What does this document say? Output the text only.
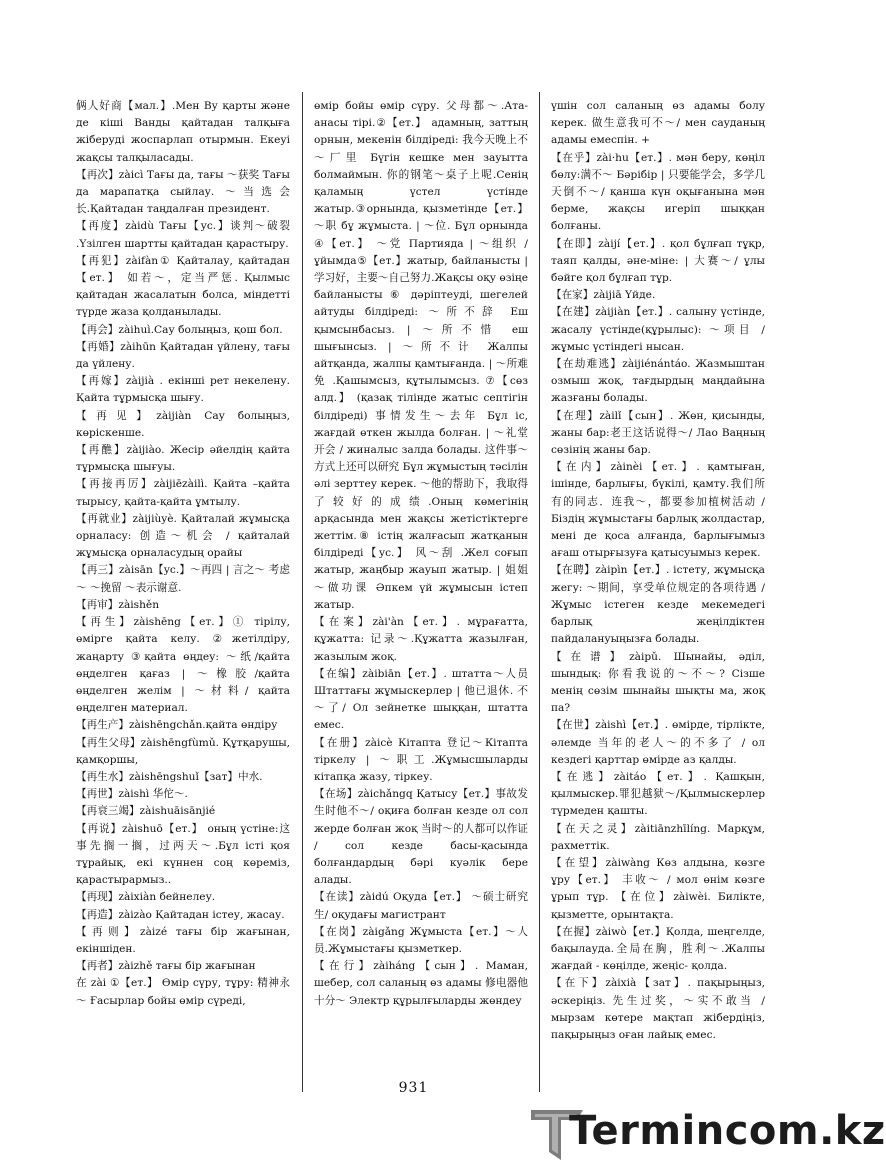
俩人好商【мал.】.Мен Ву қарты және де кіші Ванды қайтадан талқыға жіберуді жоспарлап отырмын. Екеуі жақсы талқыласады.

【再次】zàicì Тағы да, тағы ～获奖 Тағы да марапатқа сыйлау. ～当选会长.Қайтадан таңдалған президент.

【再度】zàidù Тағы【ус.】谈判～破裂 .Үзілген шартты қайтадан қарастыру.

【再犯】zàifàn① Қайталау, қайтадан【ет.】 如若～，定当严惩. Қылмыс қайтадан жасалатын болса, міндетті түрде жаза қолданылады.

【再会】zàihuì.Сау болыңыз, қош бол.

【再婚】zàihūn Қайтадан үйлену, тағы да үйлену.

【再嫁】zàijià . екінші рет некелену. Қайта тұрмысқа шығу.

【再见】zàijiàn Сау болыңыз, көріскенше.

【再醮】zàijiào. Жесір әйелдің қайта тұрмысқа шығуы.

【再接再厉】zàijiēzàilì. Қайта –қайта тырысу, қайта-қайта ұмтылу.

【再就业】zàijiùyè. Қайталай жұмысқа орналасу: 创造～机会 / қайталай жұмысқа орналасудың орайы

【再三】zàisān【ус.】～再四 | 言之～ 考虑～ ～挽留 ～表示谢意.

【再审】zàishěn

【再生】zàishēng【ет.】① тірілу, өмірге қайта келу. ②жетілдіру, жаңарту ③қайта өңдеу: ～纸/қайта өңделген қағаз | ～橡胶/қайта өңделген желім | ～材料/ қайта өңделген материал.

【再生产】zàishēngchǎn.қайта өндіру

【再生父母】zàishēngfùmǔ. Құтқарушы, қамқоршы,

【再生水】zàishēngshuǐ【зат】中水.

【再世】zàishì 华佗～.

【再衰三竭】zàishuāisānjié

【再说】zàishuō【ет.】 оның үстіне:这事先搁一搁，过两天～.Бұл істі қоя тұрайық, екі күннен соң көреміз, қарастырармыз..

【再现】zàixiàn бейнелеу.

【再造】zàizào Қайтадан істеу, жасау.

【再则】zàizé тағы бір жағынан, екіншіден.

【再者】zàizhě тағы бір жағынан

在 zài ①【ет.】 Өмір сүру, тұру: 精神永～ Ғасырлар бойы өмір сүреді,

өмір бойы өмір сүру. 父母都～.Ата-анасы тірі.②【ет.】 адамның, заттың орнын, мекенін білдіреді: 我今天晚上不～厂里 Бүгін кешке мен зауытта болмаймын. 你的钢笔～桌子上呢.Сенің қаламың үстел үстінде жатыр.③орнында, қызметінде【ет.】～职 бұ жұмыста. | ～位. Бұл орнында ④【ет.】 ～党 Партияда | ～组织 / ұйымда⑤【ет.】жатыр, байланысты | 学习好，主要～自己努力.Жақсы оқу өзіңе байланысты ⑥ дәріптеуді, шегелей айтуды білдіреді: ～所不辞 Еш қымсынбасыз. | ～所不惜 еш шығынсыз. | ～所不计 Жалпы айтқанда, жалпы қамтығанда. | ～所难免 .Қашымсыз, құтылымсыз. ⑦【сөз алд.】 (қазақ тілінде жатыс септігін білдіреді) 事情发生～去年 Бұл іс, жағдай өткен жылда болған. | ～礼堂开会 / жиналыс залда болады. 这件事～方式上还可以研究 Бұл жұмыстың тәсілін әлі зерттеу керек. ～他的帮助下，我取得了较好的成绩.Оның көмегінің арқасында мен жақсы жетістіктерге жеттім.⑧ істің жалғасып жатқанын білдіреді【ус.】 风～刮 .Жел соғып жатыр, жаңбыр жауып жатыр. | 姐姐～做功课 Әпкем үй жұмысын істеп жатыр.

【在案】zài'àn【ет.】. мұрағатта, құжатта: 记录～.Құжатта жазылған, жазылым жоқ.

【在编】zàibiān【ет.】. штатта～人员 Штаттағы жұмыскерлер | 他已退休. 不～了/ Ол зейнетке шыққан, штатта емес.

【在册】zàicè Кітапта 登记～Кітапта тіркелу | ～职工.Жұмысшыларды кітапқа жазу, тіркеу.

【在场】zàichǎngq Қатысу【ет.】事故发生时他不～/ оқиға болған кезде ол сол жерде болған жоқ 当时～的人都可以作证 / сол кезде басы-қасында болғандардың бәрі куәлік бере алады.

【在读】zàidú Оқуда【ет.】 ～硕士研究生/ оқудағы магистрант

【在岗】zàigǎng Жұмыста【ет.】～人员.Жұмыстағы қызметкер.

【在行】zàiháng【сын】. Маман, шебер, сол саланың өз адамы 修电器他十分～ Электр құрылғыларды жөндеу

үшін сол саланың өз адамы болу керек. 做生意我可不～/ мен сауданың адамы емеспін. +

【在乎】zài·hu【ет.】. мән беру, көңіл бөлу:满不～ Бәрібір | 只要能学会，多学几天倒不～/ қанша күн оқығанына мән берме, жақсы игеріп шыққан болғаны.

【在即】zàijí【ет.】. қол бұлғап тұқр, таяп қалды, әне-міне: | 大赛～/ ұлы бәйге қол бұлғап тұр.

【在家】zàijiā Үйде.

【在建】zàijiàn【ет.】. салыну үстінде, жасалу үстінде(құрылыс): ～项目 / жұмыс үстіндегі нысан.

【在劫难逃】zàijiénántáo. Жазмыштан озмыш жоқ, тағдырдың маңдайына жазғаны болады.

【在理】zàilǐ【сын】. Жөн, қисынды, жаны бар:老王这话说得～/ Лао Ваңның сөзінің жаны бар.

【在内】zàinèi【ет.】. қамтыған, ішінде, барлығы, бүкілі, қамту.我们所有的同志．连我～，都要参加植树活动 /Біздің жұмыстағы барлық жолдастар, мені де қоса алғанда, барлығымыз ағаш отырғызуға қатысуымыз керек.

【在聘】zàipìn【ет.】. істету, жұмысқа жегу: ～期间，享受单位规定的各项待遇 / Жұмыс істеген кезде мекемедегі барлық жеңілдіктен пайдалануыңызға болады.

【在谱】zàipǔ. Шынайы, әділ, шындық: 你看我说的～不～? Сізше менің сөзім шынайы шықты ма, жоқ па?

【在世】zàishì【ет.】. өмірде, тірлікте, әлемде 当年的老人～的不多了 / ол кездегі қарттар өмірде аз қалды.

【在逃】zàitáo【ет.】. Қашқын, қылмыскер.罪犯越狱～/Қылмыскерлер түрмеден қашты.

【在天之灵】zàitiānzhīlíng. Марқұм, рахметтік.

【在望】zàiwàng Көз алдына, көзге ұру【ет.】 丰收～ / мол өнім көзге ұрып тұр. 【在位】zàiwèi. Билікте, қызметте, орынтақта.

【在握】zàiwò【ет.】Қолда, шеңгелде, бақылауда.全局在胸，胜利～.Жалпы жағдай - көңілде, жеңіс- қолда.

【在下】zàixià【зат】. пақырыңыз, әскеріңіз. 先生过奖，～实不敢当 / мырзам көтере мақтап жібердіңіз, пақырыңыз оған лайық емес.

931
Termincom.kz
